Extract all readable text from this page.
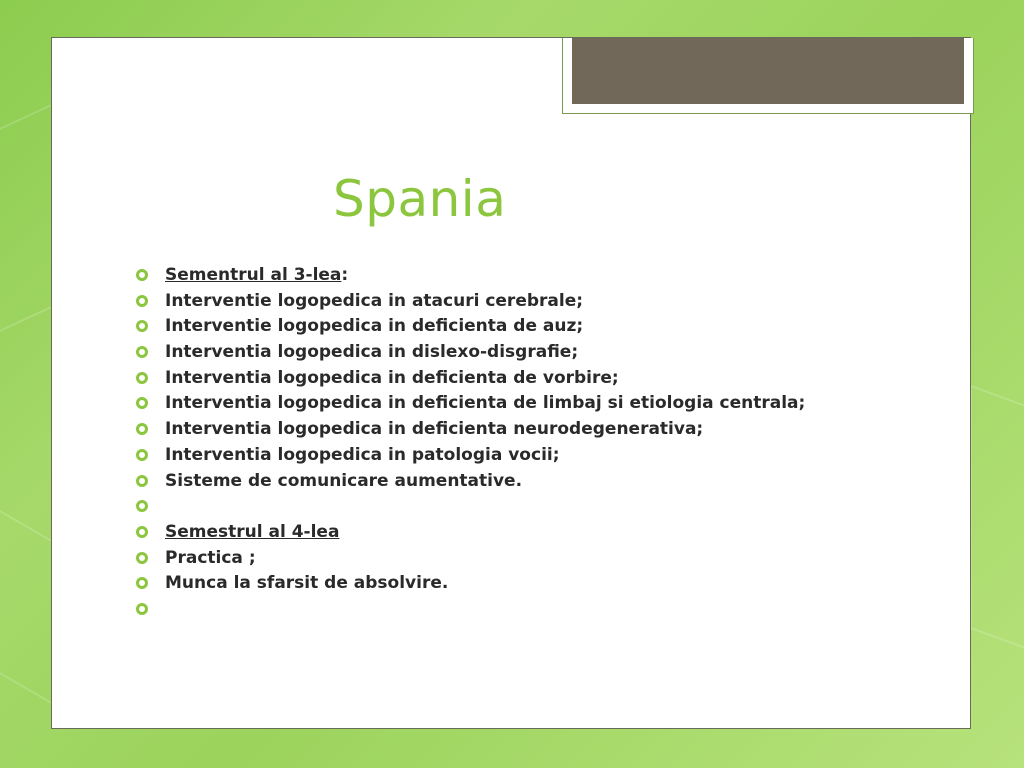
Spania
Sementrul al 3-lea:
Interventie logopedica in atacuri cerebrale;
Interventie logopedica in deficienta de auz;
Interventia logopedica in dislexo-disgrafie;
Interventia logopedica in deficienta de vorbire;
Interventia logopedica in deficienta de limbaj si etiologia centrala;
Interventia logopedica in deficienta neurodegenerativa;
Interventia logopedica in patologia vocii;
Sisteme de comunicare aumentative.
Semestrul al 4-lea
Practica ;
Munca la sfarsit de absolvire.
